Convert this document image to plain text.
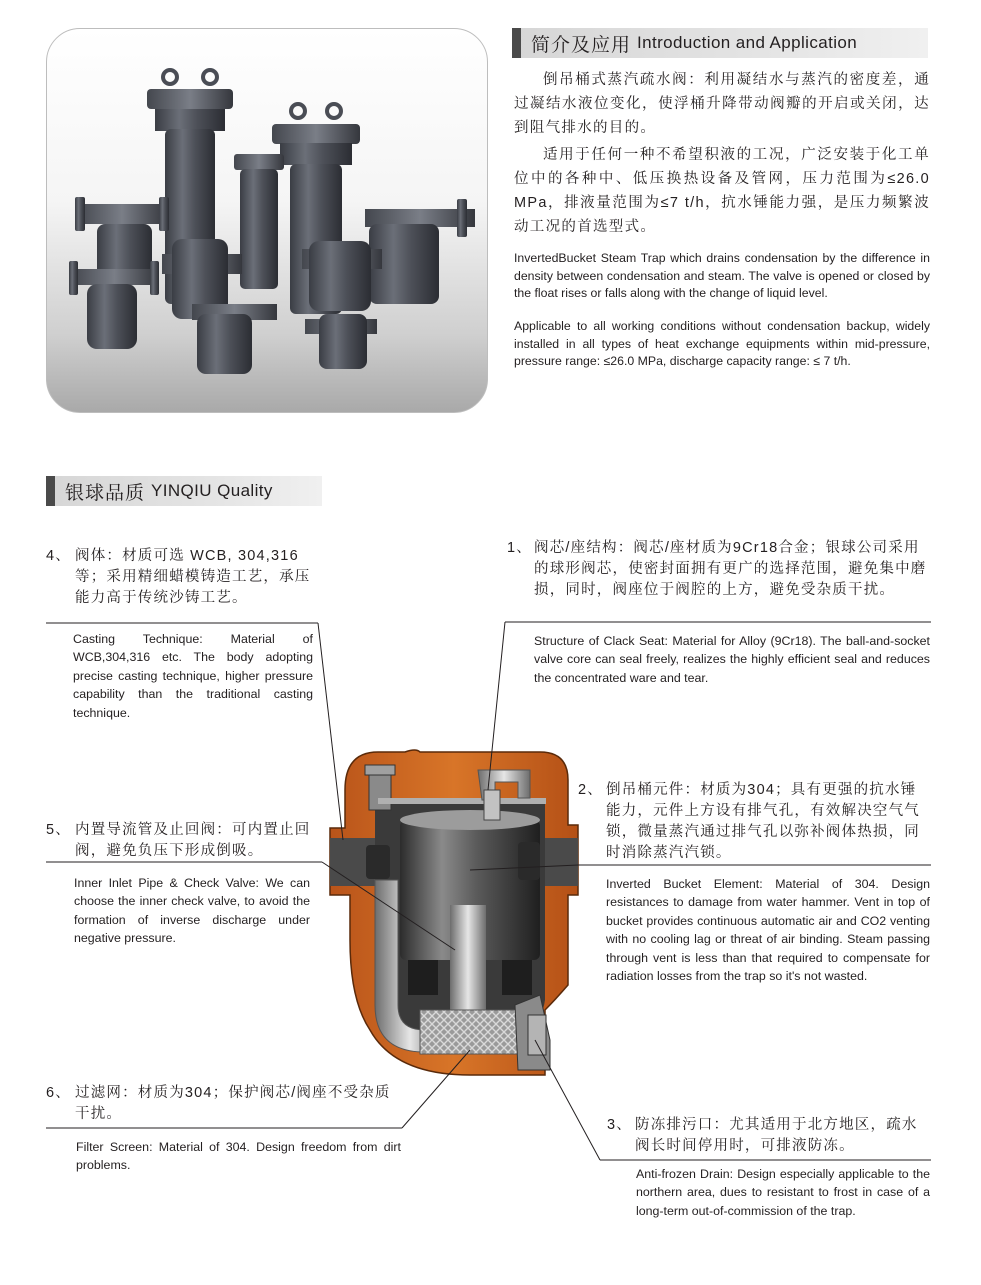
简介及应用 Introduction and Application

倒吊桶式蒸汽疏水阀：利用凝结水与蒸汽的密度差，通过凝结水液位变化，使浮桶升降带动阀瓣的开启或关闭，达到阻气排水的目的。

适用于任何一种不希望积液的工况，广泛安装于化工单位中的各种中、低压换热设备及管网，压力范围为≤26.0 MPa，排液量范围为≤7 t/h，抗水锤能力强，是压力频繁波动工况的首选型式。

InvertedBucket Steam Trap which drains condensation by the difference in density between condensation and steam. The valve is opened or closed by the float rises or falls along with the change of liquid level.

Applicable to all working conditions without condensation backup, widely installed in all types of heat exchange equipments within mid-pressure, pressure range: ≤26.0 MPa, discharge capacity range: ≤ 7 t/h.

银球品质 YINQIU Quality
4、 阀体：材质可选 WCB, 304,316 等；采用精细蜡模铸造工艺，承压能力高于传统沙铸工艺。

Casting Technique: Material of WCB,304,316 etc. The body adopting precise casting technique, higher pressure capability than the traditional casting technique.

1、 阀芯/座结构：阀芯/座材质为9Cr18合金；银球公司采用的球形阀芯，使密封面拥有更广的选择范围，避免集中磨损，同时，阀座位于阀腔的上方，避免受杂质干扰。

Structure of Clack Seat: Material for Alloy (9Cr18). The ball-and-socket valve core can seal freely, realizes the highly efficient seal and reduces the concentrated ware and tear.

2、 倒吊桶元件：材质为304；具有更强的抗水锤能力，元件上方设有排气孔，有效解决空气气锁，微量蒸汽通过排气孔以弥补阀体热损，同时消除蒸汽汽锁。

Inverted Bucket Element: Material of 304. Design resistances to damage from water hammer. Vent in top of bucket provides continuous automatic air and CO2 venting with no cooling lag or threat of air binding. Steam passing through vent is less than that required to compensate for radiation losses from the trap so it's not wasted.

5、 内置导流管及止回阀：可内置止回阀，避免负压下形成倒吸。

Inner Inlet Pipe & Check Valve: We can choose the inner check valve, to avoid the formation of inverse discharge under negative pressure.

6、 过滤网：材质为304；保护阀芯/阀座不受杂质干扰。

Filter Screen: Material of 304. Design freedom from dirt problems.

3、 防冻排污口：尤其适用于北方地区，疏水阀长时间停用时，可排液防冻。

Anti-frozen Drain: Design especially applicable to the northern area, dues to resistant to frost in case of a long-term out-of-commission of the trap.
